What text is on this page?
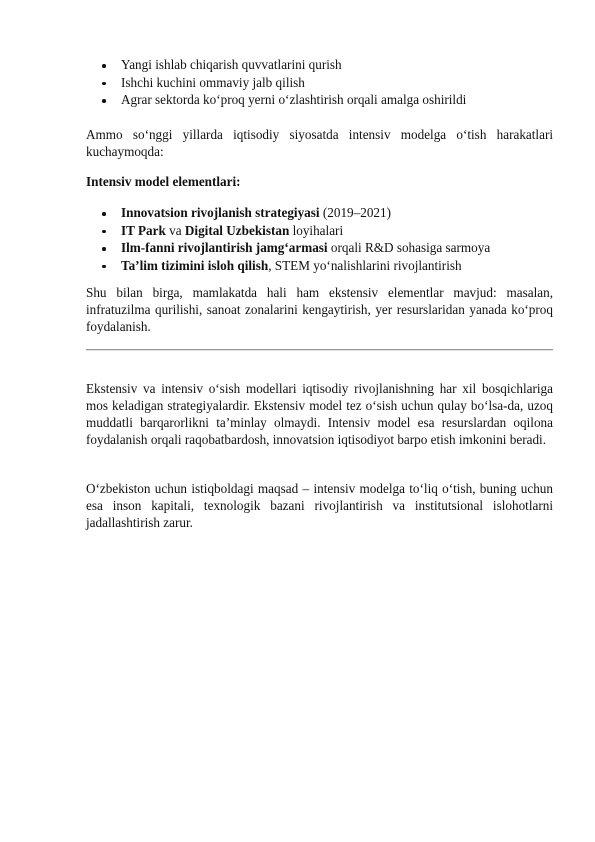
Yangi ishlab chiqarish quvvatlarini qurish
Ishchi kuchini ommaviy jalb qilish
Agrar sektorda ko‘proq yerni o‘zlashtirish orqali amalga oshirildi

Ammo so‘nggi yillarda iqtisodiy siyosatda intensiv modelga o‘tish harakatlari kuchaymoqda:

Intensiv model elementlari:

Innovatsion rivojlanish strategiyasi (2019–2021)
IT Park va Digital Uzbekistan loyihalari
Ilm-fanni rivojlantirish jamg‘armasi orqali R&D sohasiga sarmoya
Ta’lim tizimini isloh qilish, STEM yo‘nalishlarini rivojlantirish

Shu bilan birga, mamlakatda hali ham ekstensiv elementlar mavjud: masalan, infratuzilma qurilishi, sanoat zonalarini kengaytirish, yer resurslaridan yanada ko‘proq foydalanish.

Ekstensiv va intensiv o‘sish modellari iqtisodiy rivojlanishning har xil bosqichlariga mos keladigan strategiyalardir. Ekstensiv model tez o‘sish uchun qulay bo‘lsa-da, uzoq muddatli barqarorlikni ta’minlay olmaydi. Intensiv model esa resurslardan oqilona foydalanish orqali raqobatbardosh, innovatsion iqtisodiyot barpo etish imkonini beradi.

O‘zbekiston uchun istiqboldagi maqsad – intensiv modelga to‘liq o‘tish, buning uchun esa inson kapitali, texnologik bazani rivojlantirish va institutsional islohotlarni jadallashtirish zarur.
